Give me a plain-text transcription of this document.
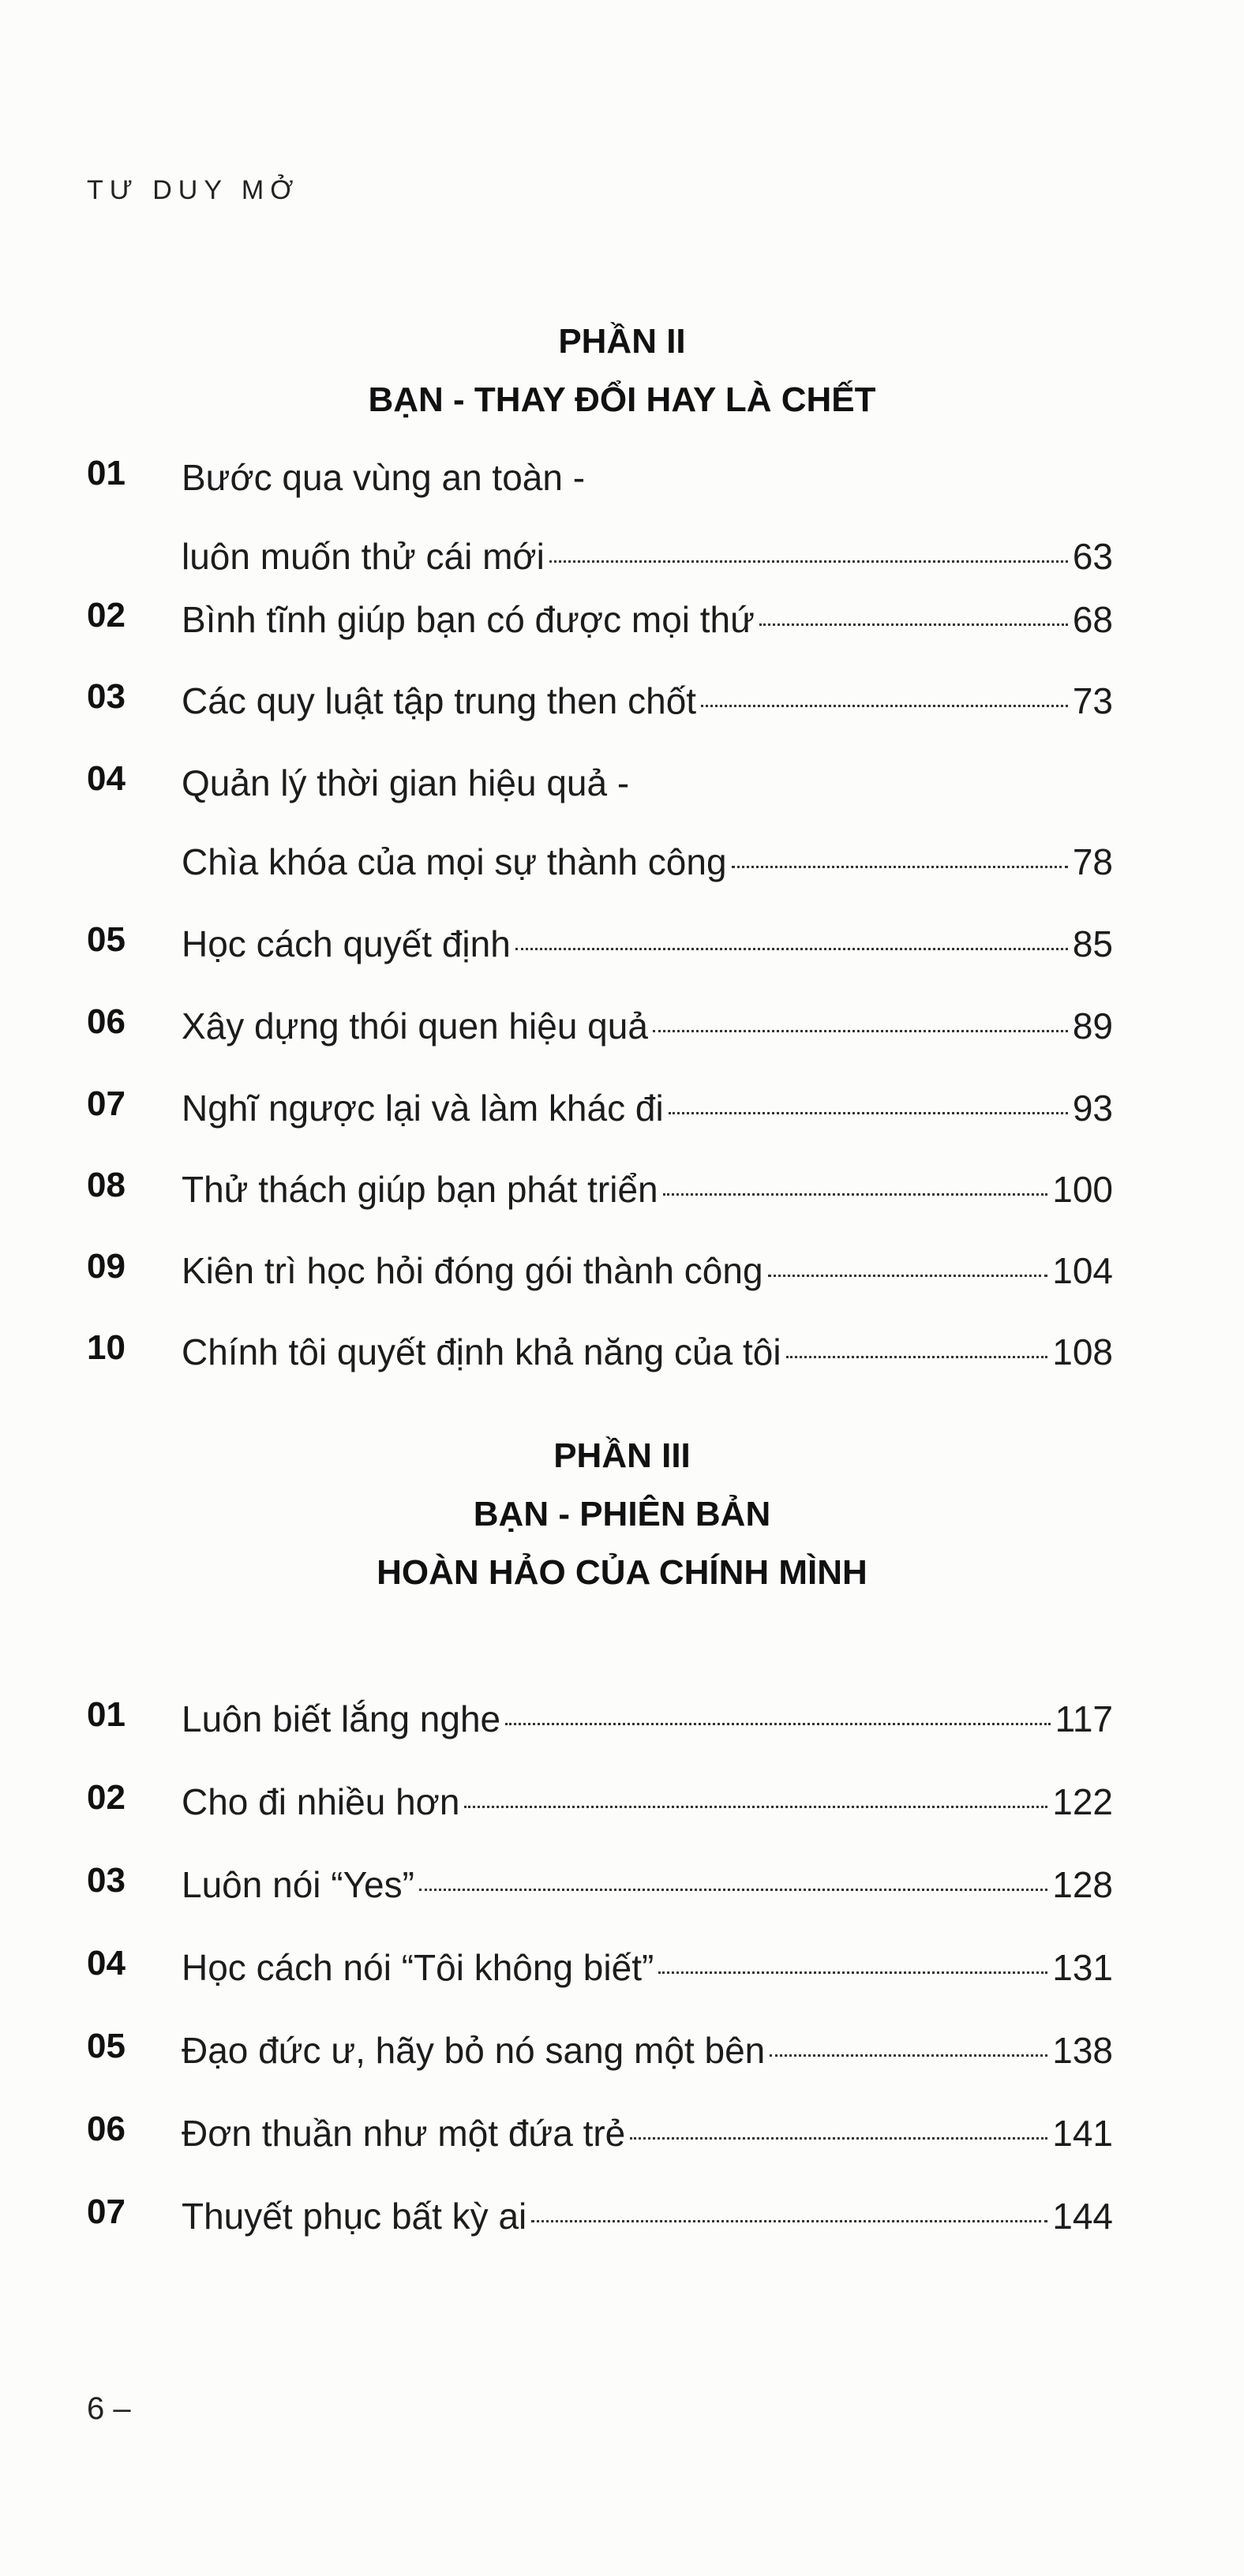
TƯ DUY MỞ
PHẦN II
BẠN - THAY ĐỔI HAY LÀ CHẾT
01 Bước qua vùng an toàn -
luôn muốn thử cái mới	63
02 Bình tĩnh giúp bạn có được mọi thứ	68
03 Các quy luật tập trung then chốt	73
04 Quản lý thời gian hiệu quả -
Chìa khóa của mọi sự thành công	78
05 Học cách quyết định	85
06 Xây dựng thói quen hiệu quả	89
07 Nghĩ ngược lại và làm khác đi	93
08 Thử thách giúp bạn phát triển	100
09 Kiên trì học hỏi đóng gói thành công	104
10 Chính tôi quyết định khả năng của tôi	108
PHẦN III
BẠN - PHIÊN BẢN
HOÀN HẢO CỦA CHÍNH MÌNH
01 Luôn biết lắng nghe	117
02 Cho đi nhiều hơn	122
03 Luôn nói “Yes”	128
04 Học cách nói “Tôi không biết”	131
05 Đạo đức ư, hãy bỏ nó sang một bên	138
06 Đơn thuần như một đứa trẻ	141
07 Thuyết phục bất kỳ ai	144
6 –
